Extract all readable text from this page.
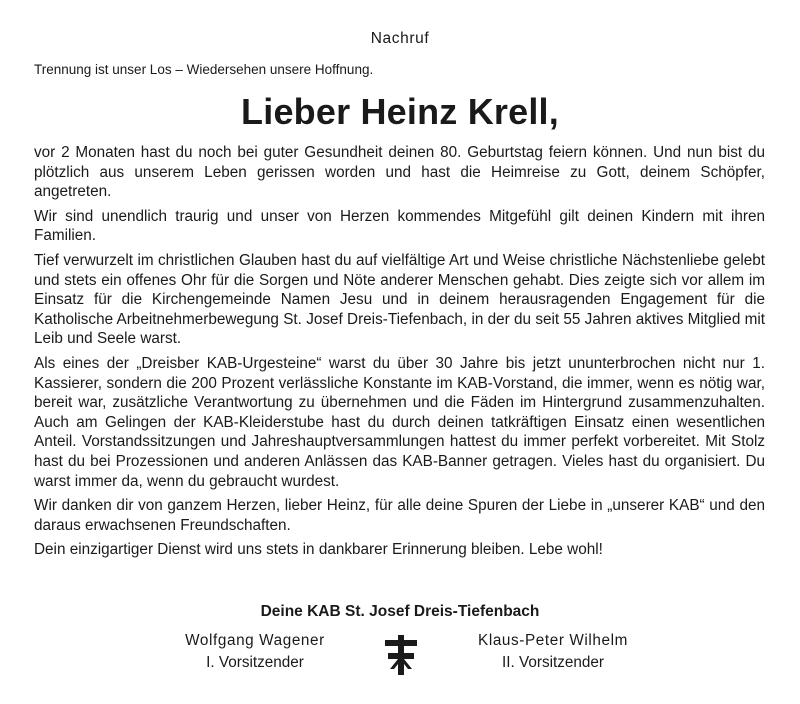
Nachruf
Trennung ist unser Los – Wiedersehen unsere Hoffnung.
Lieber Heinz Krell,

vor 2 Monaten hast du noch bei guter Gesundheit deinen 80. Geburtstag feiern können. Und nun bist du plötzlich aus unserem Leben gerissen worden und hast die Heimreise zu Gott, deinem Schöpfer, angetreten.

Wir sind unendlich traurig und unser von Herzen kommendes Mitgefühl gilt deinen Kindern mit ihren Familien.

Tief verwurzelt im christlichen Glauben hast du auf vielfältige Art und Weise christliche Nächstenliebe gelebt und stets ein offenes Ohr für die Sorgen und Nöte anderer Menschen gehabt. Dies zeigte sich vor allem im Einsatz für die Kirchengemeinde Namen Jesu und in deinem herausragenden Engagement für die Katholische Arbeitnehmerbewegung St. Josef Dreis-Tiefenbach, in der du seit 55 Jahren aktives Mitglied mit Leib und Seele warst.

Als eines der „Dreisber KAB-Urgesteine“ warst du über 30 Jahre bis jetzt ununterbrochen nicht nur 1. Kassierer, sondern die 200 Prozent verlässliche Konstante im KAB-Vorstand, die immer, wenn es nötig war, bereit war, zusätzliche Verantwortung zu übernehmen und die Fäden im Hintergrund zusammenzuhalten. Auch am Gelingen der KAB-Kleiderstube hast du durch deinen tatkräftigen Einsatz einen wesentlichen Anteil. Vorstandssitzungen und Jahreshauptversammlungen hattest du immer perfekt vorbereitet. Mit Stolz hast du bei Prozessionen und anderen Anlässen das KAB-Banner getragen. Vieles hast du organisiert. Du warst immer da, wenn du gebraucht wurdest.

Wir danken dir von ganzem Herzen, lieber Heinz, für alle deine Spuren der Liebe in „unserer KAB“ und den daraus erwachsenen Freundschaften.

Dein einzigartiger Dienst wird uns stets in dankbarer Erinnerung bleiben. Lebe wohl!

Deine KAB St. Josef Dreis-Tiefenbach
Wolfgang Wagener
I. Vorsitzender
Klaus-Peter Wilhelm
II. Vorsitzender
